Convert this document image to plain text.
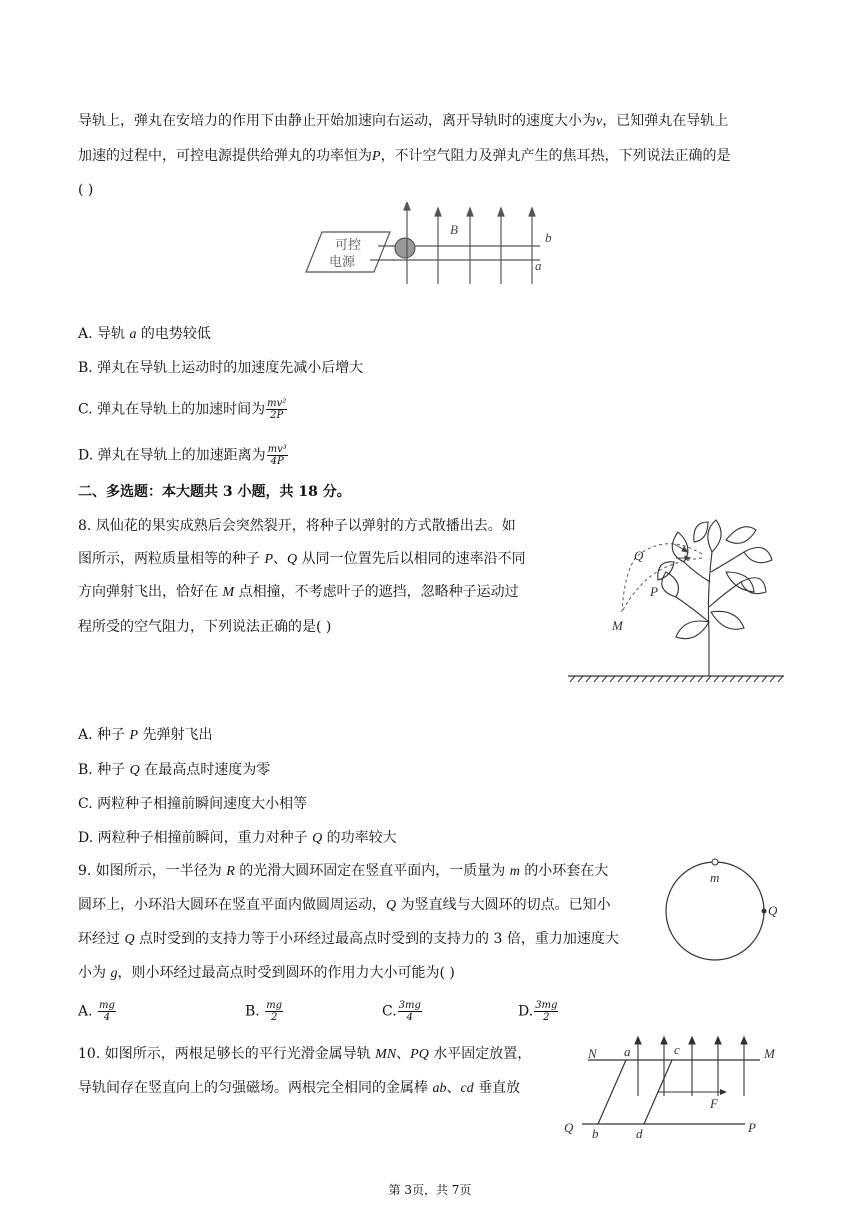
导轨上，弹丸在安培力的作用下由静止开始加速向右运动，离开导轨时的速度大小为v，已知弹丸在导轨上
加速的过程中，可控电源提供给弹丸的功率恒为P，不计空气阻力及弹丸产生的焦耳热，下列说法正确的是
( )
可控
电源
B
b
a
A. 导轨 a 的电势较低
B. 弹丸在导轨上运动时的加速度先减小后增大
C. 弹丸在导轨上的加速时间为 $\frac{\text{mv²}}{2P}$
D. 弹丸在导轨上的加速距离为 $\frac{\text{mv³}}{4P}$
二、多选题：本大题共 3 小题，共 18 分。
8. 凤仙花的果实成熟后会突然裂开，将种子以弹射的方式散播出去。如
图所示，两粒质量相等的种子 P、Q 从同一位置先后以相同的速率沿不同
方向弹射飞出，恰好在 M 点相撞，不考虑叶子的遮挡，忽略种子运动过
程所受的空气阻力，下列说法正确的是( )
Q
P
M
A. 种子 P 先弹射飞出
B. 种子 Q 在最高点时速度为零
C. 两粒种子相撞前瞬间速度大小相等
D. 两粒种子相撞前瞬间，重力对种子 Q 的功率较大
9. 如图所示，一半径为 R 的光滑大圆环固定在竖直平面内，一质量为 m 的小环套在大
圆环上，小环沿大圆环在竖直平面内做圆周运动，Q 为竖直线与大圆环的切点。已知小
环经过 Q 点时受到的支持力等于小环经过最高点时受到的支持力的 3 倍，重力加速度大
小为 g，则小环经过最高点时受到圆环的作用力大小可能为( )
m
Q
A. $\frac{mg}{4}$	B. $\frac{mg}{2}$	C. $\frac{3mg}{4}$	D. $\frac{3mg}{2}$
10. 如图所示，两根足够长的平行光滑金属导轨 MN、PQ 水平固定放置，
导轨间存在竖直向上的匀强磁场。两根完全相同的金属棒 ab、cd 垂直放
N a	c	M
F
Q b	d	P
第 3页，共 7页
